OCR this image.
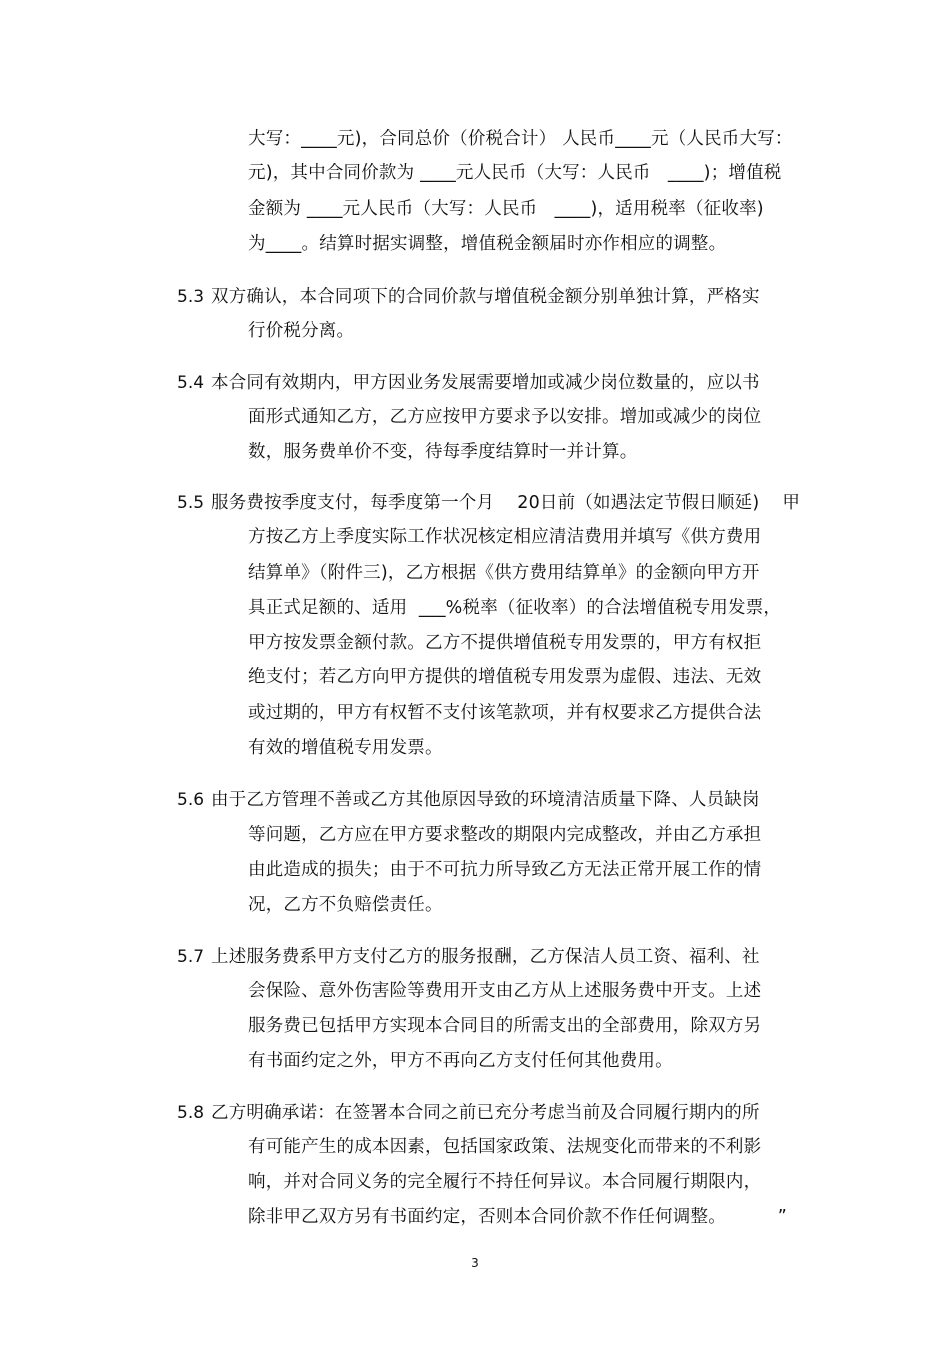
大写：____元)，合同总价（价税合计） 人民币____元（人民币大写：
元)，其中合同价款为 ____元人民币（大写：人民币   ____)；增值税
金额为 ____元人民币（大写：人民币   ____)，适用税率（征收率)
为____。结算时据实调整，增值税金额届时亦作相应的调整。
5.3 双方确认，本合同项下的合同价款与增值税金额分别单独计算，严格实
行价税分离。
5.4 本合同有效期内，甲方因业务发展需要增加或减少岗位数量的，应以书
面形式通知乙方，乙方应按甲方要求予以安排。增加或减少的岗位
数，服务费单价不变，待每季度结算时一并计算。
5.5 服务费按季度支付，每季度第一个月    20日前（如遇法定节假日顺延)    甲
方按乙方上季度实际工作状况核定相应清洁费用并填写《供方费用
结算单》（附件三)，乙方根据《供方费用结算单》的金额向甲方开
具正式足额的、适用  ___%税率（征收率）的合法增值税专用发票，
甲方按发票金额付款。乙方不提供增值税专用发票的，甲方有权拒
绝支付；若乙方向甲方提供的增值税专用发票为虚假、违法、无效
或过期的，甲方有权暂不支付该笔款项，并有权要求乙方提供合法
有效的增值税专用发票。
5.6 由于乙方管理不善或乙方其他原因导致的环境清洁质量下降、人员缺岗
等问题，乙方应在甲方要求整改的期限内完成整改，并由乙方承担
由此造成的损失；由于不可抗力所导致乙方无法正常开展工作的情
况，乙方不负赔偿责任。
5.7 上述服务费系甲方支付乙方的服务报酬，乙方保洁人员工资、福利、社
会保险、意外伤害险等费用开支由乙方从上述服务费中开支。上述
服务费已包括甲方实现本合同目的所需支出的全部费用，除双方另
有书面约定之外，甲方不再向乙方支付任何其他费用。
5.8 乙方明确承诺：在签署本合同之前已充分考虑当前及合同履行期内的所
有可能产生的成本因素，包括国家政策、法规变化而带来的不利影
响，并对合同义务的完全履行不持任何异议。本合同履行期限内，
除非甲乙双方另有书面约定，否则本合同价款不作任何调整。         ”
3
